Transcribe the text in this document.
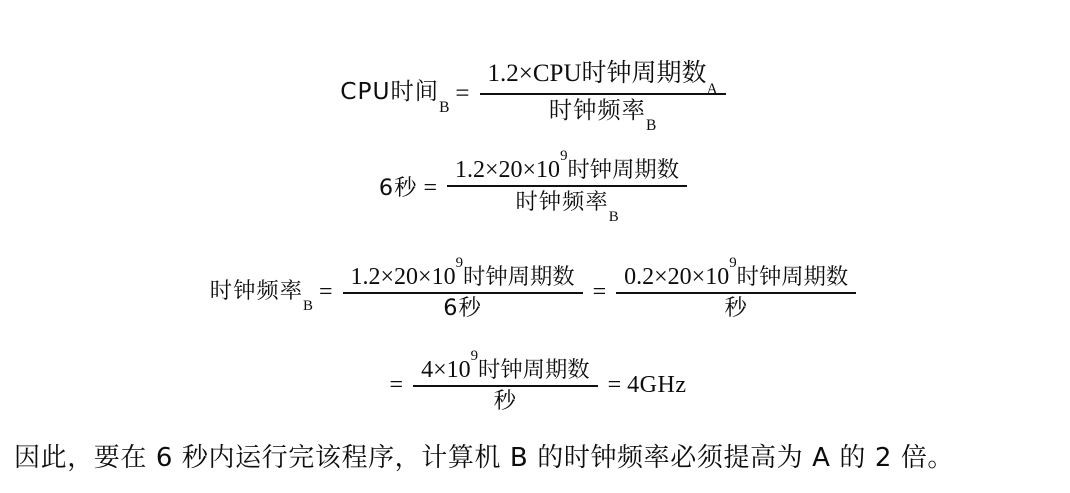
CPU时间$_B$
= $\frac{1.2\times CPU时钟周期数_A}{时钟频率_B}$
6秒 = $\frac{1.2\times 20\times 10^9时钟周期数}{时钟频率_B}$
时钟频率$_B$
= $\frac{1.2\times 20\times 10^9时钟周期数}{\text{6秒}} = \frac{0.2\times 20\times 10^9时钟周期数}{\text{秒}}$
= $\frac{4\times 10^9时钟周期数}{\text{秒}} = 4GHz$
因此，要在 6 秒内运行完该程序，计算机 B 的时钟频率必须提高为 A 的 2 倍。
